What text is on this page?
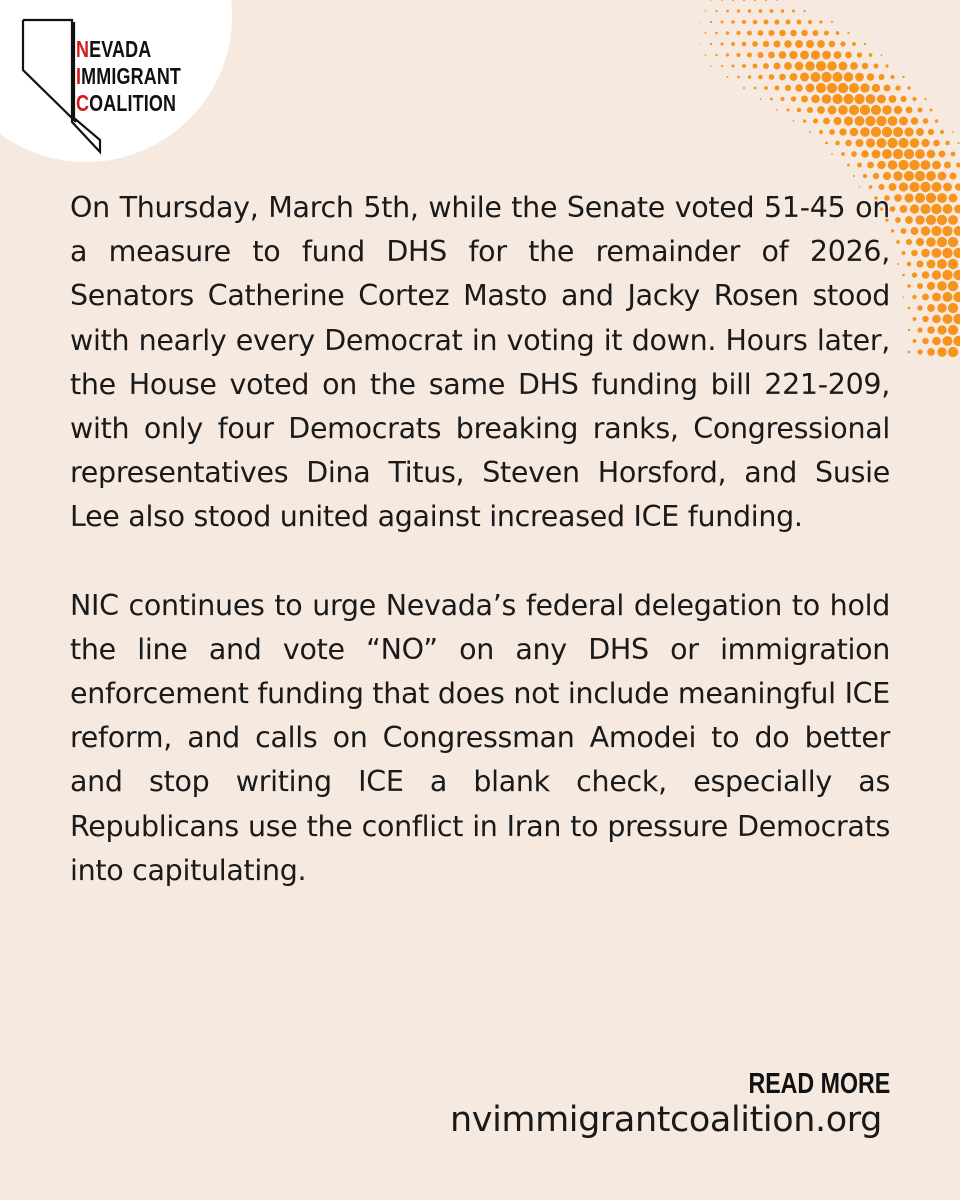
NEVADA
IMMIGRANT
COALITION

On Thursday, March 5th, while the Senate voted 51-45 on a measure to fund DHS for the remainder of 2026, Senators Catherine Cortez Masto and Jacky Rosen stood with nearly every Democrat in voting it down. Hours later, the House voted on the same DHS funding bill 221-209, with only four Democrats breaking ranks, Congressional representatives Dina Titus, Steven Horsford, and Susie Lee also stood united against increased ICE funding.

NIC continues to urge Nevada’s federal delegation to hold the line and vote “NO” on any DHS or immigration enforcement funding that does not include meaningful ICE reform, and calls on Congressman Amodei to do better and stop writing ICE a blank check, especially as Republicans use the conflict in Iran to pressure Democrats into capitulating.

READ MORE
nvimmigrantcoalition.org
